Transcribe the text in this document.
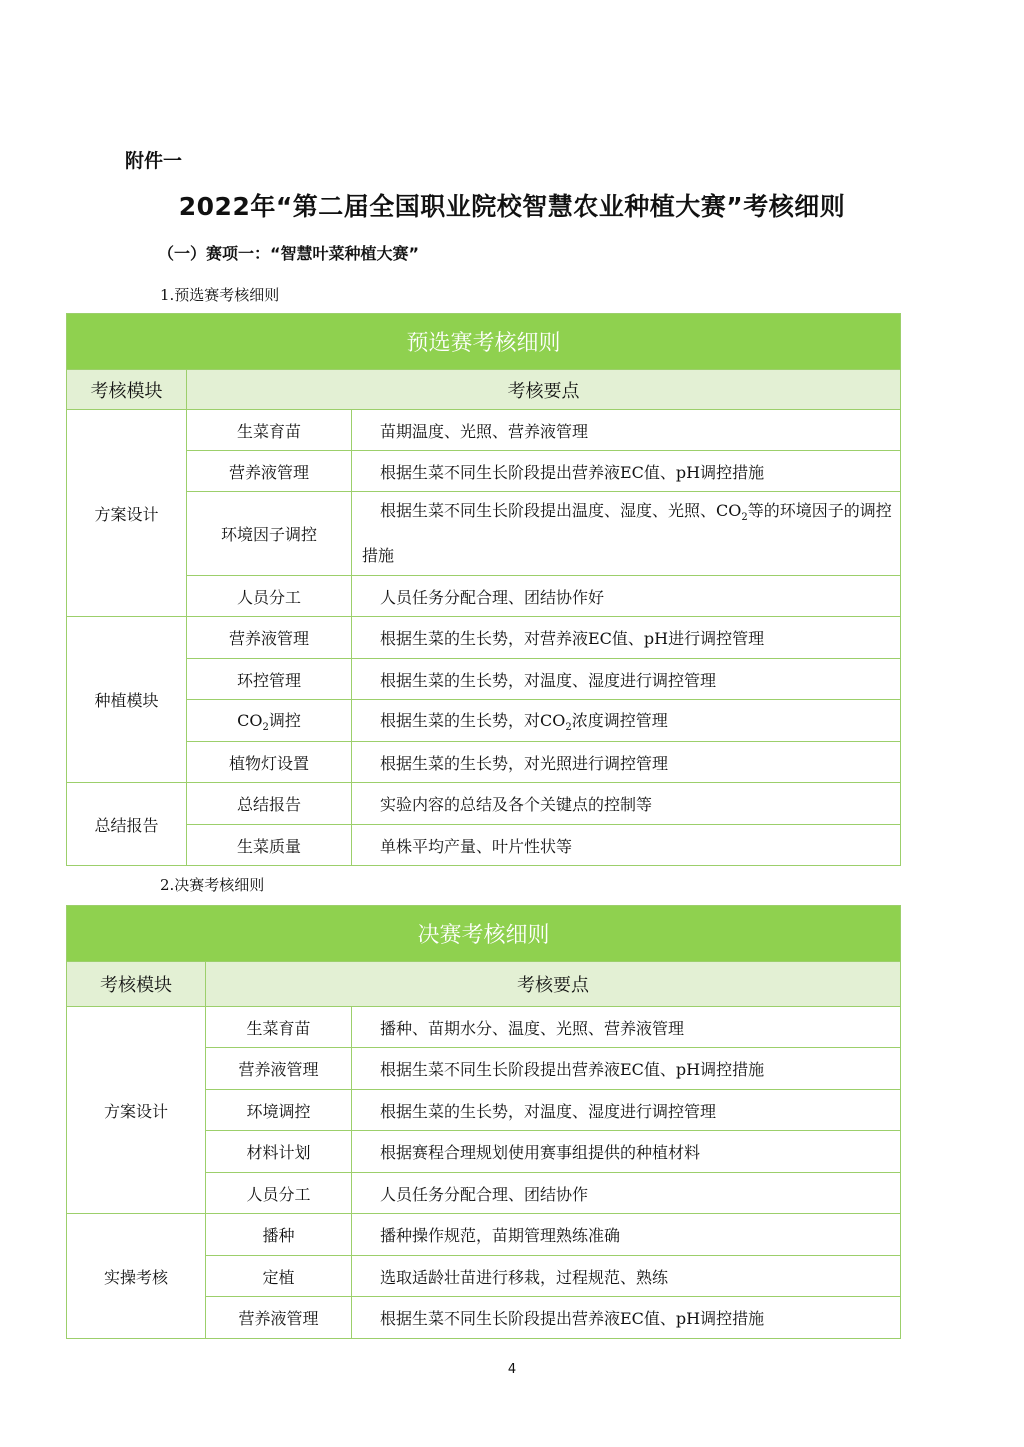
附件一
2022年“第二届全国职业院校智慧农业种植大赛”考核细则
（一）赛项一：“智慧叶菜种植大赛”
1.预选赛考核细则
预选赛考核细则		
考核模块	考核要点	
方案设计	生菜育苗	苗期温度、光照、营养液管理
	营养液管理	根据生菜不同生长阶段提出营养液EC值、pH调控措施
	环境因子调控	根据生菜不同生长阶段提出温度、湿度、光照、$CO_2$等的环境因子的调控措施
	人员分工	人员任务分配合理、团结协作好
种植模块	营养液管理	根据生菜的生长势，对营养液EC值、pH进行调控管理
	环控管理	根据生菜的生长势，对温度、湿度进行调控管理
	$CO_2$调控	根据生菜的生长势，对$CO_2$浓度调控管理
	植物灯设置	根据生菜的生长势，对光照进行调控管理
总结报告	总结报告	实验内容的总结及各个关键点的控制等
	生菜质量	单株平均产量、叶片性状等
2.决赛考核细则
决赛考核细则		
考核模块	考核要点	
方案设计	生菜育苗	播种、苗期水分、温度、光照、营养液管理
	营养液管理	根据生菜不同生长阶段提出营养液EC值、pH调控措施
	环境调控	根据生菜的生长势，对温度、湿度进行调控管理
	材料计划	根据赛程合理规划使用赛事组提供的种植材料
	人员分工	人员任务分配合理、团结协作
实操考核	播种	播种操作规范，苗期管理熟练准确
	定植	选取适龄壮苗进行移栽，过程规范、熟练
	营养液管理	根据生菜不同生长阶段提出营养液EC值、pH调控措施
4
